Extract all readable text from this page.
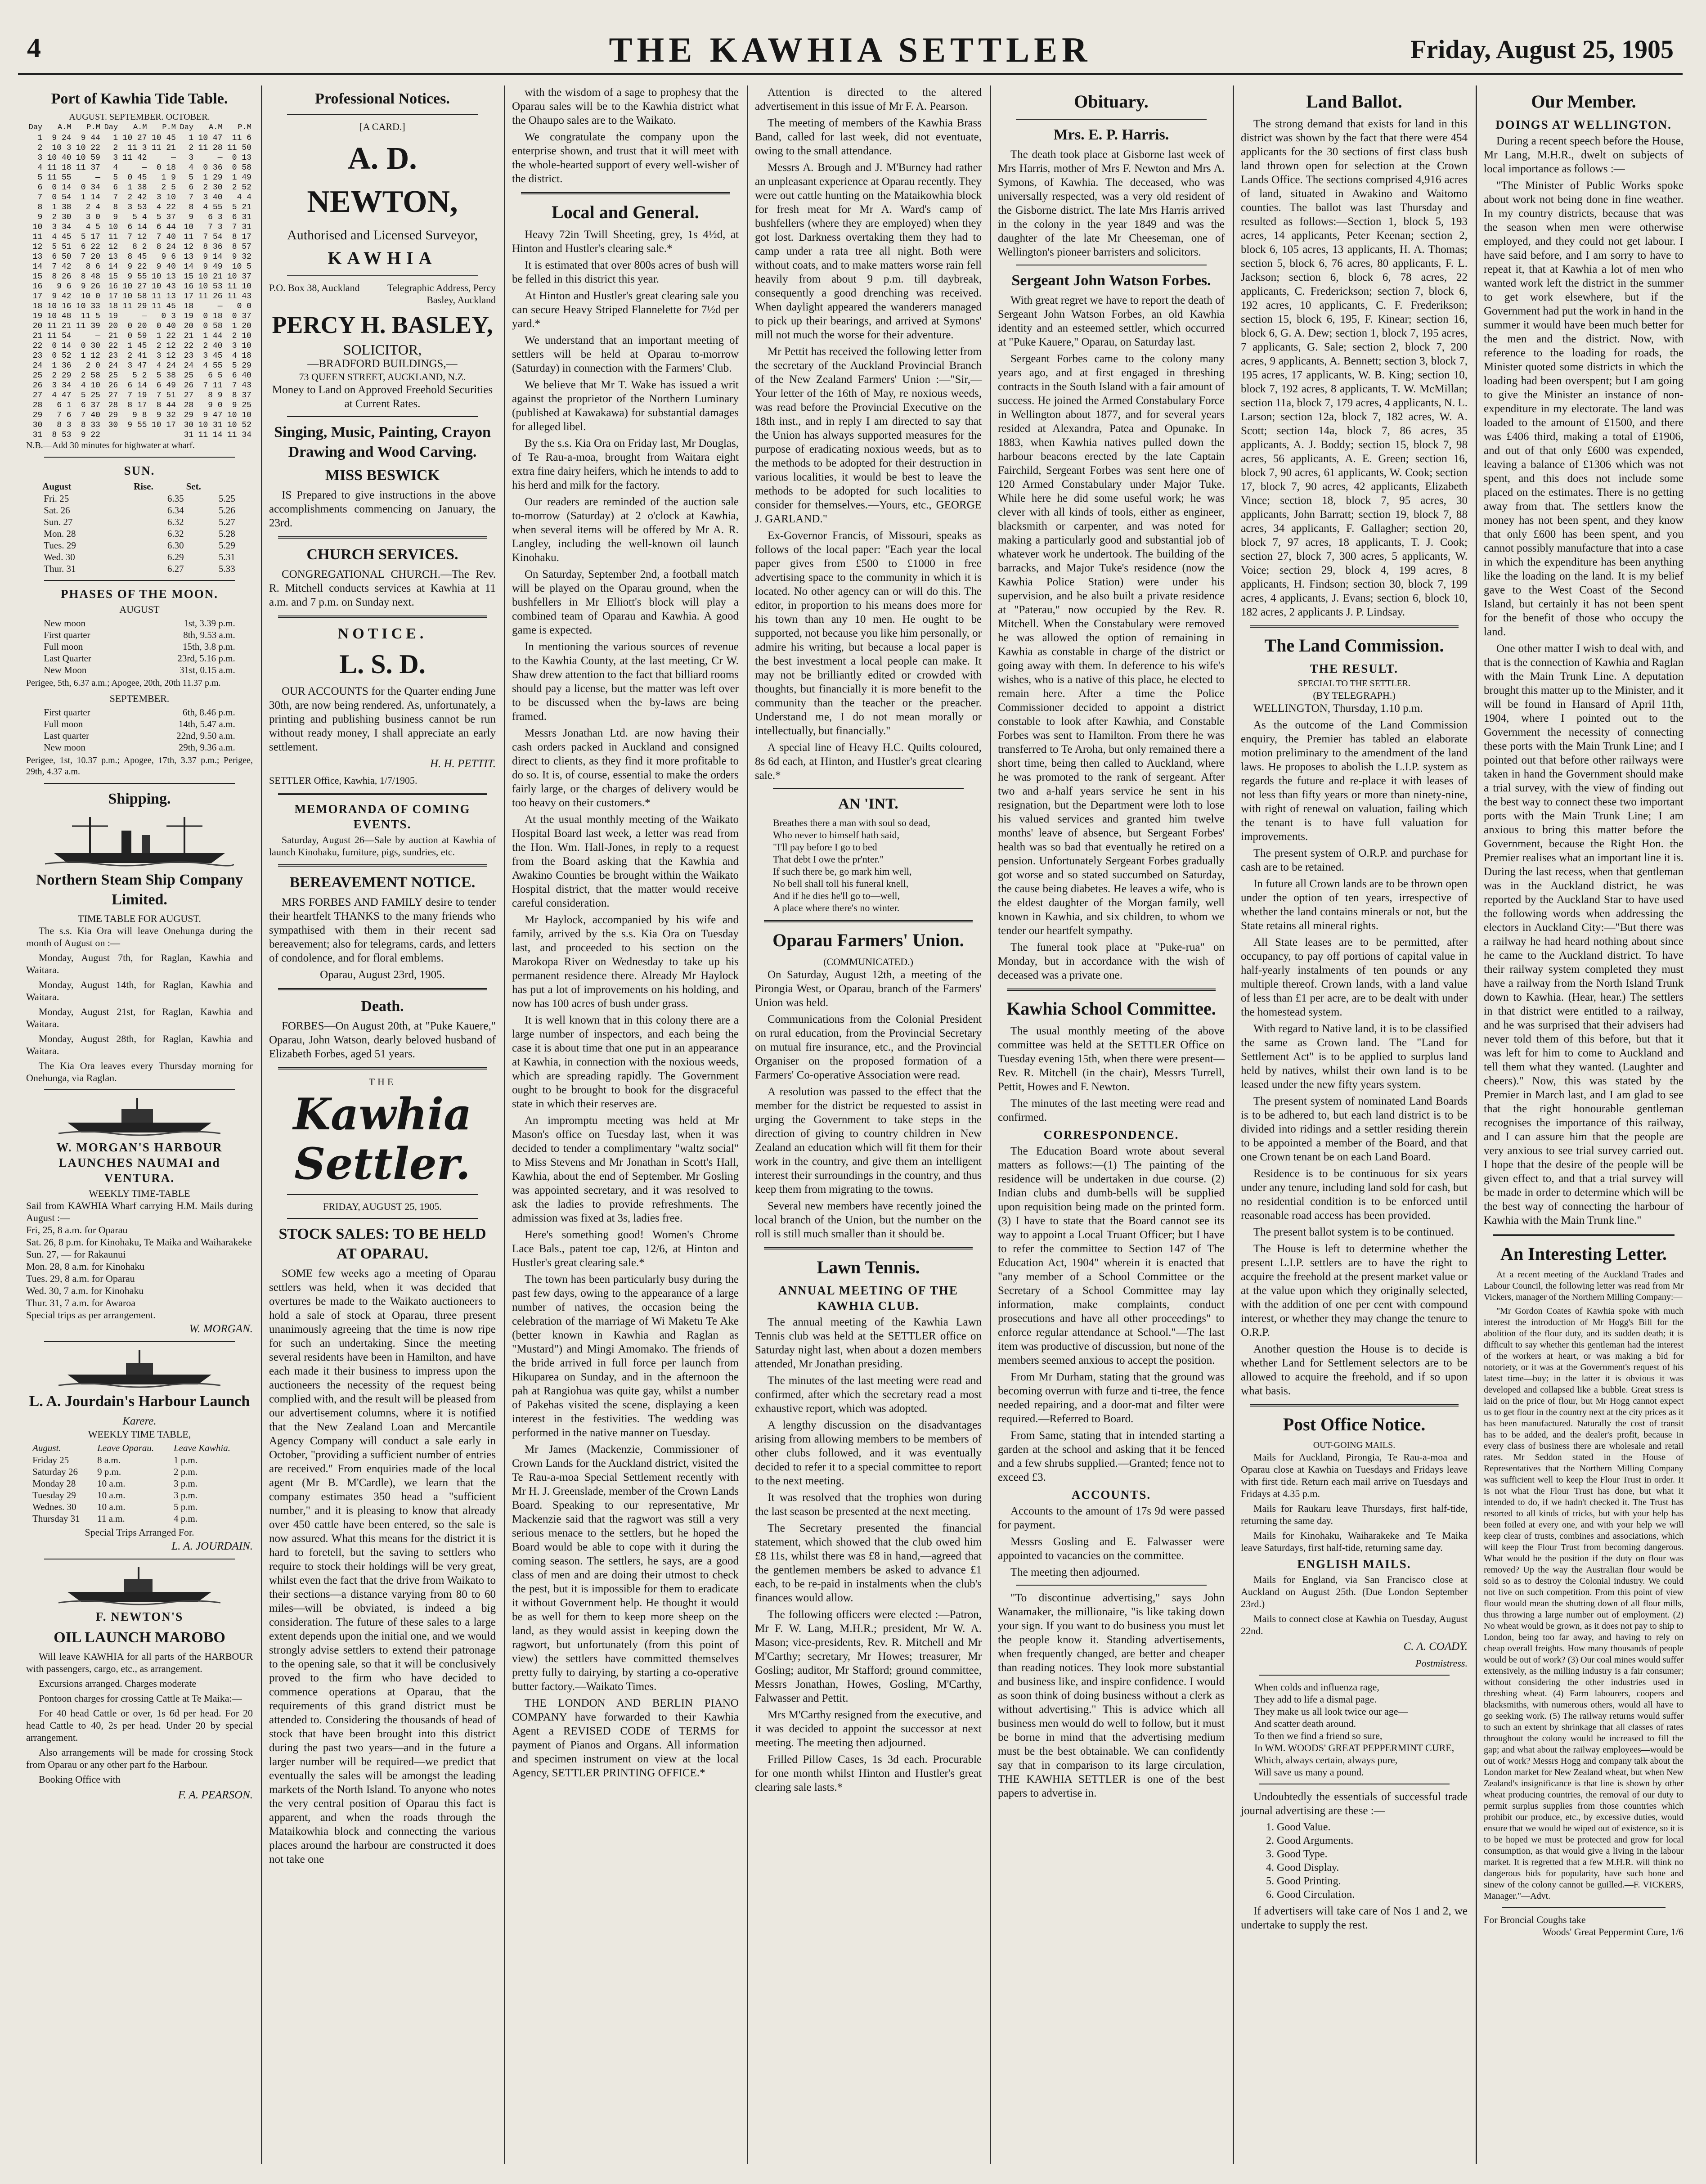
4	THE KAWHIA SETTLER	Friday, August 25, 1905
Port of Kawhia Tide Table.
AUGUST. SEPTEMBER. OCTOBER.
Day	A.M	P.M	Day	A.M	P.M	Day	A.M	P.M
1	9 24	9 44	1	10 27	10 45	1	10 47	11 6
2	10 3	10 22	2	11 3	11 21	2	11 28	11 50
3	10 40	10 59	3	11 42	—	3	—	0 13
4	11 18	11 37	4	—	0 18	4	0 36	0 58
5	11 55	—	5	0 45	1 9	5	1 29	1 49
6	0 14	0 34	6	1 38	2 5	6	2 30	2 52
7	0 54	1 14	7	2 42	3 10	7	3 40	4 4
8	1 38	2 4	8	3 53	4 22	8	4 55	5 21
9	2 30	3 0	9	5 4	5 37	9	6 3	6 31
10	3 34	4 5	10	6 14	6 44	10	7 3	7 31
11	4 45	5 17	11	7 12	7 40	11	7 54	8 17
12	5 51	6 22	12	8 2	8 24	12	8 36	8 57
13	6 50	7 20	13	8 45	9 6	13	9 14	9 32
14	7 42	8 6	14	9 22	9 40	14	9 49	10 5
15	8 26	8 48	15	9 55	10 13	15	10 21	10 37
16	9 6	9 26	16	10 27	10 43	16	10 53	11 10
17	9 42	10 0	17	10 58	11 13	17	11 26	11 43
18	10 16	10 33	18	11 29	11 45	18	—	0 0
19	10 48	11 5	19	—	0 3	19	0 18	0 37
20	11 21	11 39	20	0 20	0 40	20	0 58	1 20
21	11 54	—	21	0 59	1 22	21	1 44	2 10
22	0 14	0 30	22	1 45	2 12	22	2 40	3 10
23	0 52	1 12	23	2 41	3 12	23	3 45	4 18
24	1 36	2 0	24	3 47	4 24	24	4 55	5 29
25	2 29	2 58	25	5 2	5 38	25	6 5	6 40
26	3 34	4 10	26	6 14	6 49	26	7 11	7 43
27	4 47	5 25	27	7 19	7 51	27	8 9	8 37
28	6 1	6 37	28	8 17	8 44	28	9 0	9 25
29	7 6	7 40	29	9 8	9 32	29	9 47	10 10
30	8 3	8 33	30	9 55	10 17	30	10 31	10 52
31	8 53	9 22				31	11 14	11 34
N.B.—Add 30 minutes for highwater at wharf.
SUN.
August	Rise.	Set.
Fri. 25	6.35	5.25
Sat. 26	6.34	5.26
Sun. 27	6.32	5.27
Mon. 28	6.32	5.28
Tues. 29	6.30	5.29
Wed. 30	6.29	5.31
Thur. 31	6.27	5.33
PHASES OF THE MOON.
AUGUST
New moon	1st, 3.39 p.m.
First quarter	8th, 9.53 a.m.
Full moon	15th, 3.8 p.m.
Last Quarter	23rd, 5.16 p.m.
New Moon	31st, 0.15 a.m.
Perigee, 5th, 6.37 a.m.; Apogee, 20th, 20th 11.37 p.m.
SEPTEMBER.
First quarter	6th, 8.46 p.m.
Full moon	14th, 5.47 a.m.
Last quarter	22nd, 9.50 a.m.
New moon	29th, 9.36 a.m.
Perigee, 1st, 10.37 p.m.; Apogee, 17th, 3.37 p.m.; Perigee, 29th, 4.37 a.m.
Shipping.
Northern Steam Ship Company Limited.
TIME TABLE FOR AUGUST.

The s.s. Kia Ora will leave Onehunga during the month of August on :—

Monday, August 7th, for Raglan, Kawhia and Waitara.

Monday, August 14th, for Raglan, Kawhia and Waitara.

Monday, August 21st, for Raglan, Kawhia and Waitara.

Monday, August 28th, for Raglan, Kawhia and Waitara.

The Kia Ora leaves every Thursday morning for Onehunga, via Raglan.

W. MORGAN'S HARBOUR LAUNCHES NAUMAI and VENTURA.
WEEKLY TIME-TABLE
Sail from KAWHIA Wharf carrying H.M. Mails during August :—
Fri, 25, 8 a.m. for Oparau
Sat. 26, 8 p.m. for Kinohaku, Te Maika and Waiharakeke
Sun. 27, — for Rakaunui
Mon. 28, 8 a.m. for Kinohaku
Tues. 29, 8 a.m. for Oparau
Wed. 30, 7 a.m. for Kinohaku
Thur. 31, 7 a.m. for Awaroa
Special trips as per arrangement.
W. MORGAN.
L. A. Jourdain's Harbour Launch
Karere.
WEEKLY TIME TABLE,
August.	Leave Oparau.	Leave Kawhia.
Friday 25	8 a.m.	1 p.m.
Saturday 26	9 p.m.	2 p.m.
Monday 28	10 a.m.	3 p.m.
Tuesday 29	10 a.m.	3 p.m.
Wednes. 30	10 a.m.	5 p.m.
Thursday 31	11 a.m.	4 p.m.
Special Trips Arranged For.
L. A. JOURDAIN.
F. NEWTON'S
OIL LAUNCH MAROBO

Will leave KAWHIA for all parts of the HARBOUR with passengers, cargo, etc., as arrangement.

Excursions arranged. Charges moderate

Pontoon charges for crossing Cattle at Te Maika:—

For 40 head Cattle or over, 1s 6d per head. For 20 head Cattle to 40, 2s per head. Under 20 by special arrangement.

Also arrangements will be made for crossing Stock from Oparau or any other part fo the Harbour.

Booking Office with

F. A. PEARSON.
Professional Notices.
[A CARD.]
A. D. NEWTON,
Authorised and Licensed Surveyor,
KAWHIA
P.O. Box 38, Auckland	Telegraphic Address, Percy Basley, Auckland
PERCY H. BASLEY,
SOLICITOR,
—BRADFORD BUILDINGS,—
73 QUEEN STREET, AUCKLAND, N.Z.

Money to Land on Approved Freehold Securities at Current Rates.

Singing, Music, Painting, Crayon Drawing and Wood Carving.
MISS BESWICK

IS Prepared to give instructions in the above accomplishments commencing on January, the 23rd.

CHURCH SERVICES.

CONGREGATIONAL CHURCH.—The Rev. R. Mitchell conducts services at Kawhia at 11 a.m. and 7 p.m. on Sunday next.

NOTICE.
L. S. D.

OUR ACCOUNTS for the Quarter ending June 30th, are now being rendered. As, unfortunately, a printing and publishing business cannot be run without ready money, I shall appreciate an early settlement.

H. H. PETTIT.
SETTLER Office, Kawhia, 1/7/1905.
MEMORANDA OF COMING EVENTS.

Saturday, August 26—Sale by auction at Kawhia of launch Kinohaku, furniture, pigs, sundries, etc.

BEREAVEMENT NOTICE.

MRS FORBES AND FAMILY desire to tender their heartfelt THANKS to the many friends who sympathised with them in their recent sad bereavement; also for telegrams, cards, and letters of condolence, and for floral emblems.

Oparau, August 23rd, 1905.
Death.

FORBES—On August 20th, at "Puke Kauere," Oparau, John Watson, dearly beloved husband of Elizabeth Forbes, aged 51 years.

THE
Kawhia Settler.
FRIDAY, AUGUST 25, 1905.
STOCK SALES: TO BE HELD AT OPARAU.

SOME few weeks ago a meeting of Oparau settlers was held, when it was decided that overtures be made to the Waikato auctioneers to hold a sale of stock at Oparau, three present unanimously agreeing that the time is now ripe for such an undertaking. Since the meeting several residents have been in Hamilton, and have each made it their business to impress upon the auctioneers the necessity of the request being complied with, and the result will be pleased from our advertisement columns, where it is notified that the New Zealand Loan and Mercantile Agency Company will conduct a sale early in October, "providing a sufficient number of entries are received." From enquiries made of the local agent (Mr B. M'Cardle), we learn that the company estimates 350 head a "sufficient number," and it is pleasing to know that already over 450 cattle have been entered, so the sale is now assured. What this means for the district it is hard to foretell, but the saving to settlers who require to stock their holdings will be very great, whilst even the fact that the drive from Waikato to their sections—a distance varying from 80 to 60 miles—will be obviated, is indeed a big consideration. The future of these sales to a large extent depends upon the initial one, and we would strongly advise settlers to extend their patronage to the opening sale, so that it will be conclusively proved to the firm who have decided to commence operations at Oparau, that the requirements of this grand district must be attended to. Considering the thousands of head of stock that have been brought into this district during the past two years—and in the future a larger number will be required—we predict that eventually the sales will be amongst the leading markets of the North Island. To anyone who notes the very central position of Oparau this fact is apparent, and when the roads through the Mataikowhia block and connecting the various places around the harbour are constructed it does not take one

with the wisdom of a sage to prophesy that the Oparau sales will be to the Kawhia district what the Ohaupo sales are to the Waikato.

We congratulate the company upon the enterprise shown, and trust that it will meet with the whole-hearted support of every well-wisher of the district.

Local and General.

Heavy 72in Twill Sheeting, grey, 1s 4½d, at Hinton and Hustler's clearing sale.*

It is estimated that over 800s acres of bush will be felled in this district this year.

At Hinton and Hustler's great clearing sale you can secure Heavy Striped Flannelette for 7½d per yard.*

We understand that an important meeting of settlers will be held at Oparau to-morrow (Saturday) in connection with the Farmers' Club.

We believe that Mr T. Wake has issued a writ against the proprietor of the Northern Luminary (published at Kawakawa) for substantial damages for alleged libel.

By the s.s. Kia Ora on Friday last, Mr Douglas, of Te Rau-a-moa, brought from Waitara eight extra fine dairy heifers, which he intends to add to his herd and milk for the factory.

Our readers are reminded of the auction sale to-morrow (Saturday) at 2 o'clock at Kawhia, when several items will be offered by Mr A. R. Langley, including the well-known oil launch Kinohaku.

On Saturday, September 2nd, a football match will be played on the Oparau ground, when the bushfellers in Mr Elliott's block will play a combined team of Oparau and Kawhia. A good game is expected.

In mentioning the various sources of revenue to the Kawhia County, at the last meeting, Cr W. Shaw drew attention to the fact that billiard rooms should pay a license, but the matter was left over to be discussed when the by-laws are being framed.

Messrs Jonathan Ltd. are now having their cash orders packed in Auckland and consigned direct to clients, as they find it more profitable to do so. It is, of course, essential to make the orders fairly large, or the charges of delivery would be too heavy on their customers.*

At the usual monthly meeting of the Waikato Hospital Board last week, a letter was read from the Hon. Wm. Hall-Jones, in reply to a request from the Board asking that the Kawhia and Awakino Counties be brought within the Waikato Hospital district, that the matter would receive careful consideration.

Mr Haylock, accompanied by his wife and family, arrived by the s.s. Kia Ora on Tuesday last, and proceeded to his section on the Marokopa River on Wednesday to take up his permanent residence there. Already Mr Haylock has put a lot of improvements on his holding, and now has 100 acres of bush under grass.

It is well known that in this colony there are a large number of inspectors, and each being the case it is about time that one put in an appearance at Kawhia, in connection with the noxious weeds, which are spreading rapidly. The Government ought to be brought to book for the disgraceful state in which their reserves are.

An impromptu meeting was held at Mr Mason's office on Tuesday last, when it was decided to tender a complimentary "waltz social" to Miss Stevens and Mr Jonathan in Scott's Hall, Kawhia, about the end of September. Mr Gosling was appointed secretary, and it was resolved to ask the ladies to provide refreshments. The admission was fixed at 3s, ladies free.

Here's something good! Women's Chrome Lace Bals., patent toe cap, 12/6, at Hinton and Hustler's great clearing sale.*

The town has been particularly busy during the past few days, owing to the appearance of a large number of natives, the occasion being the celebration of the marriage of Wi Maketu Te Ake (better known in Kawhia and Raglan as "Mustard") and Mingi Amomako. The friends of the bride arrived in full force per launch from Hikuparea on Sunday, and in the afternoon the pah at Rangiohua was quite gay, whilst a number of Pakehas visited the scene, displaying a keen interest in the festivities. The wedding was performed in the native manner on Tuesday.

Mr James (Mackenzie, Commissioner of Crown Lands for the Auckland district, visited the Te Rau-a-moa Special Settlement recently with Mr H. J. Greenslade, member of the Crown Lands Board. Speaking to our representative, Mr Mackenzie said that the ragwort was still a very serious menace to the settlers, but he hoped the Board would be able to cope with it during the coming season. The settlers, he says, are a good class of men and are doing their utmost to check the pest, but it is impossible for them to eradicate it without Government help. He thought it would be as well for them to keep more sheep on the land, as they would assist in keeping down the ragwort, but unfortunately (from this point of view) the settlers have committed themselves pretty fully to dairying, by starting a co-operative butter factory.—Waikato Times.

THE LONDON AND BERLIN PIANO COMPANY have forwarded to their Kawhia Agent a REVISED CODE of TERMS for payment of Pianos and Organs. All information and specimen instrument on view at the local Agency, SETTLER PRINTING OFFICE.*

Attention is directed to the altered advertisement in this issue of Mr F. A. Pearson.

The meeting of members of the Kawhia Brass Band, called for last week, did not eventuate, owing to the small attendance.

Messrs A. Brough and J. M'Burney had rather an unpleasant experience at Oparau recently. They were out cattle hunting on the Mataikowhia block for fresh meat for Mr A. Ward's camp of bushfellers (where they are employed) when they got lost. Darkness overtaking them they had to camp under a rata tree all night. Both were without coats, and to make matters worse rain fell heavily from about 9 p.m. till daybreak, consequently a good drenching was received. When daylight appeared the wanderers managed to pick up their bearings, and arrived at Symons' mill not much the worse for their adventure.

Mr Pettit has received the following letter from the secretary of the Auckland Provincial Branch of the New Zealand Farmers' Union :—"Sir,—Your letter of the 16th of May, re noxious weeds, was read before the Provincial Executive on the 18th inst., and in reply I am directed to say that the Union has always supported measures for the purpose of eradicating noxious weeds, but as to the methods to be adopted for their destruction in various localities, it would be best to leave the methods to be adopted for such localities to consider for themselves.—Yours, etc., GEORGE J. GARLAND."

Ex-Governor Francis, of Missouri, speaks as follows of the local paper: "Each year the local paper gives from £500 to £1000 in free advertising space to the community in which it is located. No other agency can or will do this. The editor, in proportion to his means does more for his town than any 10 men. He ought to be supported, not because you like him personally, or admire his writing, but because a local paper is the best investment a local people can make. It may not be brilliantly edited or crowded with thoughts, but financially it is more benefit to the community than the teacher or the preacher. Understand me, I do not mean morally or intellectually, but financially."

A special line of Heavy H.C. Quilts coloured, 8s 6d each, at Hinton, and Hustler's great clearing sale.*

AN 'INT.
Breathes there a man with soul so dead,
Who never to himself hath said,
"I'll pay before I go to bed
That debt I owe the pr'nter."
If such there be, go mark him well,
No bell shall toll his funeral knell,
And if he dies he'll go to—well,
A place where there's no winter.
Oparau Farmers' Union.
(COMMUNICATED.)

On Saturday, August 12th, a meeting of the Pirongia West, or Oparau, branch of the Farmers' Union was held.

Communications from the Colonial President on rural education, from the Provincial Secretary on mutual fire insurance, etc., and the Provincial Organiser on the proposed formation of a Farmers' Co-operative Association were read.

A resolution was passed to the effect that the member for the district be requested to assist in urging the Government to take steps in the direction of giving to country children in New Zealand an education which will fit them for their work in the country, and give them an intelligent interest their surroundings in the country, and thus keep them from migrating to the towns.

Several new members have recently joined the local branch of the Union, but the number on the roll is still much smaller than it should be.

Lawn Tennis.
ANNUAL MEETING OF THE KAWHIA CLUB.

The annual meeting of the Kawhia Lawn Tennis club was held at the SETTLER office on Saturday night last, when about a dozen members attended, Mr Jonathan presiding.

The minutes of the last meeting were read and confirmed, after which the secretary read a most exhaustive report, which was adopted.

A lengthy discussion on the disadvantages arising from allowing members to be members of other clubs followed, and it was eventually decided to refer it to a special committee to report to the next meeting.

It was resolved that the trophies won during the last season be presented at the next meeting.

The Secretary presented the financial statement, which showed that the club owed him £8 11s, whilst there was £8 in hand,—agreed that the gentlemen members be asked to advance £1 each, to be re-paid in instalments when the club's finances would allow.

The following officers were elected :—Patron, Mr F. W. Lang, M.H.R.; president, Mr W. A. Mason; vice-presidents, Rev. R. Mitchell and Mr M'Carthy; secretary, Mr Howes; treasurer, Mr Gosling; auditor, Mr Stafford; ground committee, Messrs Jonathan, Howes, Gosling, M'Carthy, Falwasser and Pettit.

Mrs M'Carthy resigned from the executive, and it was decided to appoint the successor at next meeting. The meeting then adjourned.

Frilled Pillow Cases, 1s 3d each. Procurable for one month whilst Hinton and Hustler's great clearing sale lasts.*

Obituary.
Mrs. E. P. Harris.

The death took place at Gisborne last week of Mrs Harris, mother of Mrs F. Newton and Mrs A. Symons, of Kawhia. The deceased, who was universally respected, was a very old resident of the Gisborne district. The late Mrs Harris arrived in the colony in the year 1849 and was the daughter of the late Mr Cheeseman, one of Wellington's pioneer barristers and solicitors.

Sergeant John Watson Forbes.

With great regret we have to report the death of Sergeant John Watson Forbes, an old Kawhia identity and an esteemed settler, which occurred at "Puke Kauere," Oparau, on Saturday last.

Sergeant Forbes came to the colony many years ago, and at first engaged in threshing contracts in the South Island with a fair amount of success. He joined the Armed Constabulary Force in Wellington about 1877, and for several years resided at Alexandra, Patea and Opunake. In 1883, when Kawhia natives pulled down the harbour beacons erected by the late Captain Fairchild, Sergeant Forbes was sent here one of 120 Armed Constabulary under Major Tuke. While here he did some useful work; he was clever with all kinds of tools, either as engineer, blacksmith or carpenter, and was noted for making a particularly good and substantial job of whatever work he undertook. The building of the barracks, and Major Tuke's residence (now the Kawhia Police Station) were under his supervision, and he also built a private residence at "Paterau," now occupied by the Rev. R. Mitchell. When the Constabulary were removed he was allowed the option of remaining in Kawhia as constable in charge of the district or going away with them. In deference to his wife's wishes, who is a native of this place, he elected to remain here. After a time the Police Commissioner decided to appoint a district constable to look after Kawhia, and Constable Forbes was sent to Hamilton. From there he was transferred to Te Aroha, but only remained there a short time, being then called to Auckland, where he was promoted to the rank of sergeant. After two and a-half years service he sent in his resignation, but the Department were loth to lose his valued services and granted him twelve months' leave of absence, but Sergeant Forbes' health was so bad that eventually he retired on a pension. Unfortunately Sergeant Forbes gradually got worse and so stated succumbed on Saturday, the cause being diabetes. He leaves a wife, who is the eldest daughter of the Morgan family, well known in Kawhia, and six children, to whom we tender our heartfelt sympathy.

The funeral took place at "Puke-rua" on Monday, but in accordance with the wish of deceased was a private one.

Kawhia School Committee.

The usual monthly meeting of the above committee was held at the SETTLER Office on Tuesday evening 15th, when there were present—Rev. R. Mitchell (in the chair), Messrs Turrell, Pettit, Howes and F. Newton.

The minutes of the last meeting were read and confirmed.

CORRESPONDENCE.

The Education Board wrote about several matters as follows:—(1) The painting of the residence will be undertaken in due course. (2) Indian clubs and dumb-bells will be supplied upon requisition being made on the printed form. (3) I have to state that the Board cannot see its way to appoint a Local Truant Officer; but I have to refer the committee to Section 147 of The Education Act, 1904" wherein it is enacted that "any member of a School Committee or the Secretary of a School Committee may lay information, make complaints, conduct prosecutions and have all other proceedings" to enforce regular attendance at School."—The last item was productive of discussion, but none of the members seemed anxious to accept the position.

From Mr Durham, stating that the ground was becoming overrun with furze and ti-tree, the fence needed repairing, and a door-mat and filter were required.—Referred to Board.

From Same, stating that in intended starting a garden at the school and asking that it be fenced and a few shrubs supplied.—Granted; fence not to exceed £3.

ACCOUNTS.

Accounts to the amount of 17s 9d were passed for payment.

Messrs Gosling and E. Falwasser were appointed to vacancies on the committee.

The meeting then adjourned.

"To discontinue advertising," says John Wanamaker, the millionaire, "is like taking down your sign. If you want to do business you must let the people know it. Standing advertisements, when frequently changed, are better and cheaper than reading notices. They look more substantial and business like, and inspire confidence. I would as soon think of doing business without a clerk as without advertising." This is advice which all business men would do well to follow, but it must be borne in mind that the advertising medium must be the best obtainable. We can confidently say that in comparison to its large circulation, THE KAWHIA SETTLER is one of the best papers to advertise in.

Land Ballot.

The strong demand that exists for land in this district was shown by the fact that there were 454 applicants for the 30 sections of first class bush land thrown open for selection at the Crown Lands Office. The sections comprised 4,916 acres of land, situated in Awakino and Waitomo counties. The ballot was last Thursday and resulted as follows:—Section 1, block 5, 193 acres, 14 applicants, Peter Keenan; section 2, block 6, 105 acres, 13 applicants, H. A. Thomas; section 5, block 6, 76 acres, 80 applicants, F. L. Jackson; section 6, block 6, 78 acres, 22 applicants, C. Frederickson; section 7, block 6, 192 acres, 10 applicants, C. F. Frederikson; section 15, block 6, 195, F. Kinear; section 16, block 6, G. A. Dew; section 1, block 7, 195 acres, 7 applicants, G. Sale; section 2, block 7, 200 acres, 9 applicants, A. Bennett; section 3, block 7, 195 acres, 17 applicants, W. B. King; section 10, block 7, 192 acres, 8 applicants, T. W. McMillan; section 11a, block 7, 179 acres, 4 applicants, N. L. Larson; section 12a, block 7, 182 acres, W. A. Scott; section 14a, block 7, 86 acres, 35 applicants, A. J. Boddy; section 15, block 7, 98 acres, 56 applicants, A. E. Green; section 16, block 7, 90 acres, 61 applicants, W. Cook; section 17, block 7, 90 acres, 42 applicants, Elizabeth Vince; section 18, block 7, 95 acres, 30 applicants, John Barratt; section 19, block 7, 88 acres, 34 applicants, F. Gallagher; section 20, block 7, 97 acres, 18 applicants, T. J. Cook; section 27, block 7, 300 acres, 5 applicants, W. Voice; section 29, block 4, 199 acres, 8 applicants, H. Findson; section 30, block 7, 199 acres, 4 applicants, J. Evans; section 6, block 10, 182 acres, 2 applicants J. P. Lindsay.

The Land Commission.
THE RESULT.
SPECIAL TO THE SETTLER.
(BY TELEGRAPH.)

WELLINGTON, Thursday, 1.10 p.m.

As the outcome of the Land Commission enquiry, the Premier has tabled an elaborate motion preliminary to the amendment of the land laws. He proposes to abolish the L.I.P. system as regards the future and re-place it with leases of not less than fifty years or more than ninety-nine, with right of renewal on valuation, failing which the tenant is to have full valuation for improvements.

The present system of O.R.P. and purchase for cash are to be retained.

In future all Crown lands are to be thrown open under the option of ten years, irrespective of whether the land contains minerals or not, but the State retains all mineral rights.

All State leases are to be permitted, after occupancy, to pay off portions of capital value in half-yearly instalments of ten pounds or any multiple thereof. Crown lands, with a land value of less than £1 per acre, are to be dealt with under the homestead system.

With regard to Native land, it is to be classified the same as Crown land. The "Land for Settlement Act" is to be applied to surplus land held by natives, whilst their own land is to be leased under the new fifty years system.

The present system of nominated Land Boards is to be adhered to, but each land district is to be divided into ridings and a settler residing therein to be appointed a member of the Board, and that one Crown tenant be on each Land Board.

Residence is to be continuous for six years under any tenure, including land sold for cash, but no residential condition is to be enforced until reasonable road access has been provided.

The present ballot system is to be continued.

The House is left to determine whether the present L.I.P. settlers are to have the right to acquire the freehold at the present market value or at the value upon which they originally selected, with the addition of one per cent with compound interest, or whether they may change the tenure to O.R.P.

Another question the House is to decide is whether Land for Settlement selectors are to be allowed to acquire the freehold, and if so upon what basis.

Post Office Notice.
OUT-GOING MAILS.

Mails for Auckland, Pirongia, Te Rau-a-moa and Oparau close at Kawhia on Tuesdays and Fridays leave with first tide. Return each mail arrive on Tuesdays and Fridays at 4.35 p.m.

Mails for Raukaru leave Thursdays, first half-tide, returning the same day.

Mails for Kinohaku, Waiharakeke and Te Maika leave Saturdays, first half-tide, returning same day.

ENGLISH MAILS.

Mails for England, via San Francisco close at Auckland on August 25th. (Due London September 23rd.)

Mails to connect close at Kawhia on Tuesday, August 22nd.

C. A. COADY.
Postmistress.
When colds and influenza rage,
They add to life a dismal page.
They make us all look twice our age—
And scatter death around.
To then we find a friend so sure,
In WM. WOODS' GREAT PEPPERMINT CURE,
Which, always certain, always pure,
Will save us many a pound.

Undoubtedly the essentials of successful trade journal advertising are these :—

1. Good Value.
2. Good Arguments.
3. Good Type.
4. Good Display.
5. Good Printing.
6. Good Circulation.

If advertisers will take care of Nos 1 and 2, we undertake to supply the rest.

Our Member.
DOINGS AT WELLINGTON.

During a recent speech before the House, Mr Lang, M.H.R., dwelt on subjects of local importance as follows :—

"The Minister of Public Works spoke about work not being done in fine weather. In my country districts, because that was the season when men were otherwise employed, and they could not get labour. I have said before, and I am sorry to have to repeat it, that at Kawhia a lot of men who wanted work left the district in the summer to get work elsewhere, but if the Government had put the work in hand in the summer it would have been much better for the men and the district. Now, with reference to the loading for roads, the Minister quoted some districts in which the loading had been overspent; but I am going to give the Minister an instance of non-expenditure in my electorate. The land was loaded to the amount of £1500, and there was £406 third, making a total of £1906, and out of that only £600 was expended, leaving a balance of £1306 which was not spent, and this does not include some placed on the estimates. There is no getting away from that. The settlers know the money has not been spent, and they know that only £600 has been spent, and you cannot possibly manufacture that into a case in which the expenditure has been anything like the loading on the land. It is my belief gave to the West Coast of the Second Island, but certainly it has not been spent for the benefit of those who occupy the land.

One other matter I wish to deal with, and that is the connection of Kawhia and Raglan with the Main Trunk Line. A deputation brought this matter up to the Minister, and it will be found in Hansard of April 11th, 1904, where I pointed out to the Government the necessity of connecting these ports with the Main Trunk Line; and I pointed out that before other railways were taken in hand the Government should make a trial survey, with the view of finding out the best way to connect these two important ports with the Main Trunk Line; I am anxious to bring this matter before the Government, because the Right Hon. the Premier realises what an important line it is. During the last recess, when that gentleman was in the Auckland district, he was reported by the Auckland Star to have used the following words when addressing the electors in Auckland City:—"But there was a railway he had heard nothing about since he came to the Auckland district. To have their railway system completed they must have a railway from the North Island Trunk down to Kawhia. (Hear, hear.) The settlers in that district were entitled to a railway, and he was surprised that their advisers had never told them of this before, but that it was left for him to come to Auckland and tell them what they wanted. (Laughter and cheers)." Now, this was stated by the Premier in March last, and I am glad to see that the right honourable gentleman recognises the importance of this railway, and I can assure him that the people are very anxious to see trial survey carried out. I hope that the desire of the people will be given effect to, and that a trial survey will be made in order to determine which will be the best way of connecting the harbour of Kawhia with the Main Trunk line."

An Interesting Letter.

At a recent meeting of the Auckland Trades and Labour Council, the following letter was read from Mr Vickers, manager of the Northern Milling Company:—

"Mr Gordon Coates of Kawhia spoke with much interest the introduction of Mr Hogg's Bill for the abolition of the flour duty, and its sudden death; it is difficult to say whether this gentleman had the interest of the workers at heart, or was making a bid for notoriety, or it was at the Government's request of his latest time—buy; in the latter it is obvious it was developed and collapsed like a bubble. Great stress is laid on the price of flour, but Mr Hogg cannot expect us to get flour in the country next at the city prices as it has been manufactured. Naturally the cost of transit has to be added, and the dealer's profit, because in every class of business there are wholesale and retail rates. Mr Seddon stated in the House of Representatives that the Northern Milling Company was sufficient well to keep the Flour Trust in order. It is not what the Flour Trust has done, but what it intended to do, if we hadn't checked it. The Trust has resorted to all kinds of tricks, but with your help has been foiled at every one, and with your help we will keep clear of trusts, combines and associations, which will keep the Flour Trust from becoming dangerous. What would be the position if the duty on flour was removed? Up the way the Australian flour would be sold so as to destroy the Colonial industry. We could not live on such competition. From this point of view flour would mean the shutting down of all flour mills, thus throwing a large number out of employment. (2) No wheat would be grown, as it does not pay to ship to London, being too far away, and having to rely on cheap overall freights. How many thousands of people would be out of work? (3) Our coal mines would suffer extensively, as the milling industry is a fair consumer; without considering the other industries used in threshing wheat. (4) Farm labourers, coopers and blacksmiths, with numerous others, would all have to go seeking work. (5) The railway returns would suffer to such an extent by shrinkage that all classes of rates throughout the colony would be increased to fill the gap; and what about the railway employees—would be out of work? Messrs Hogg and company talk about the London market for New Zealand wheat, but when New Zealand's insignificance is that line is shown by other wheat producing countries, the removal of our duty to permit surplus supplies from those countries which prohibit our produce, etc., by excessive duties, would ensure that we would be wiped out of existence, so it is to be hoped we must be protected and grow for local consumption, as that would give a living in the labour market. It is regretted that a few M.H.R. will think no dangerous bids for popularity, have such bone and sinew of the colony cannot be guilled.—F. VICKERS, Manager."—Advt.

For Broncial Coughs take
Woods' Great Peppermint Cure, 1/6
